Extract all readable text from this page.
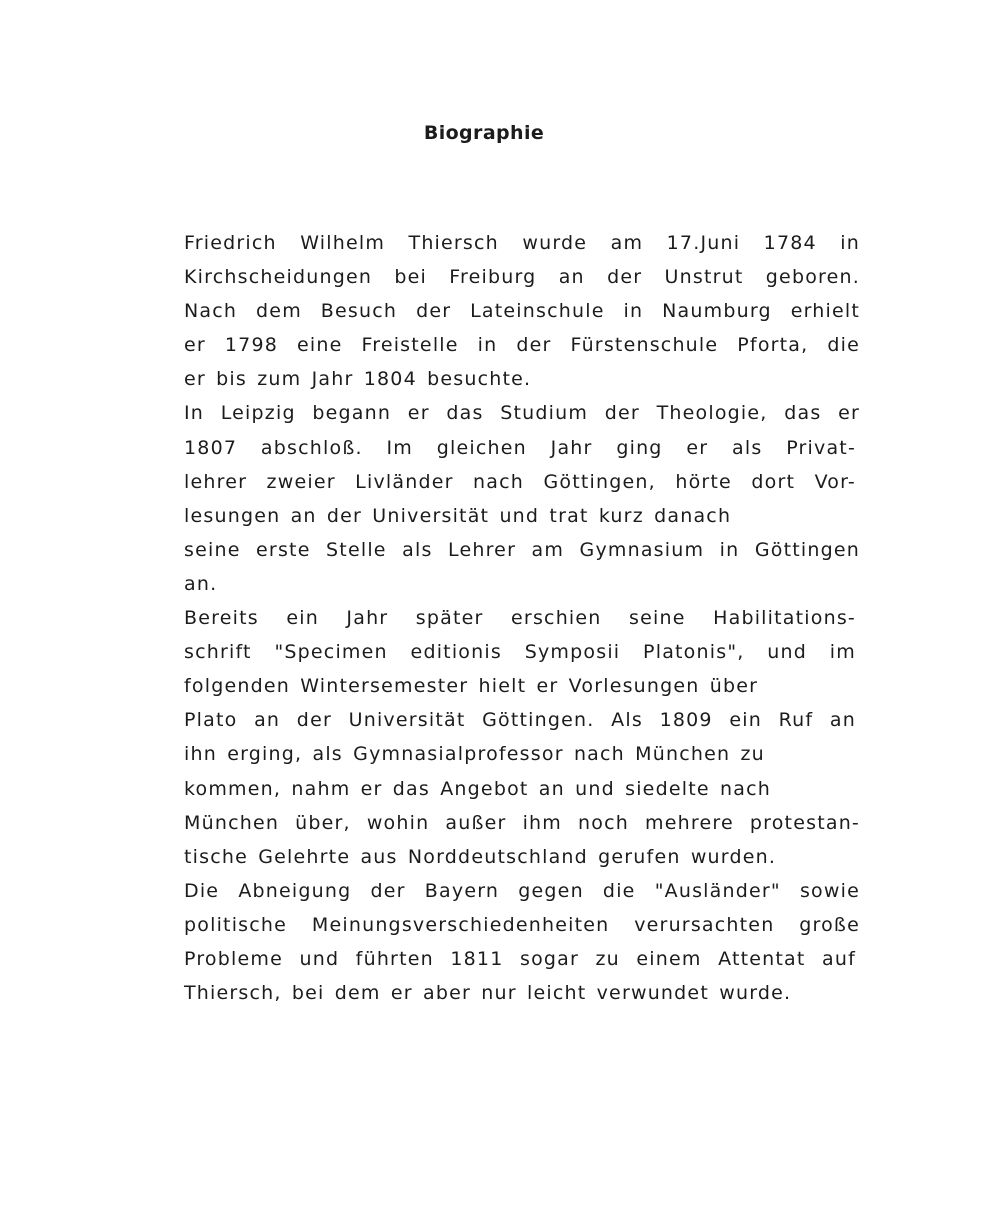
Biographie
Friedrich Wilhelm Thiersch wurde am 17.Juni 1784 in
Kirchscheidungen bei Freiburg an der Unstrut geboren.
Nach dem Besuch der Lateinschule in Naumburg erhielt
er 1798 eine Freistelle in der Fürstenschule Pforta, die
er bis zum Jahr 1804 besuchte.
In Leipzig begann er das Studium der Theologie, das er
1807 abschloß. Im gleichen Jahr ging er als Privat-
lehrer zweier Livländer nach Göttingen, hörte dort Vor-
lesungen an der Universität und trat kurz danach
seine erste Stelle als Lehrer am Gymnasium in Göttingen
an.
Bereits ein Jahr später erschien seine Habilitations-
schrift "Specimen editionis Symposii Platonis", und im
folgenden Wintersemester hielt er Vorlesungen über
Plato an der Universität Göttingen. Als 1809 ein Ruf an
ihn erging, als Gymnasialprofessor nach München zu
kommen, nahm er das Angebot an und siedelte nach
München über, wohin außer ihm noch mehrere protestan-
tische Gelehrte aus Norddeutschland gerufen wurden.
Die Abneigung der Bayern gegen die "Ausländer" sowie
politische Meinungsverschiedenheiten verursachten große
Probleme und führten 1811 sogar zu einem Attentat auf
Thiersch, bei dem er aber nur leicht verwundet wurde.
